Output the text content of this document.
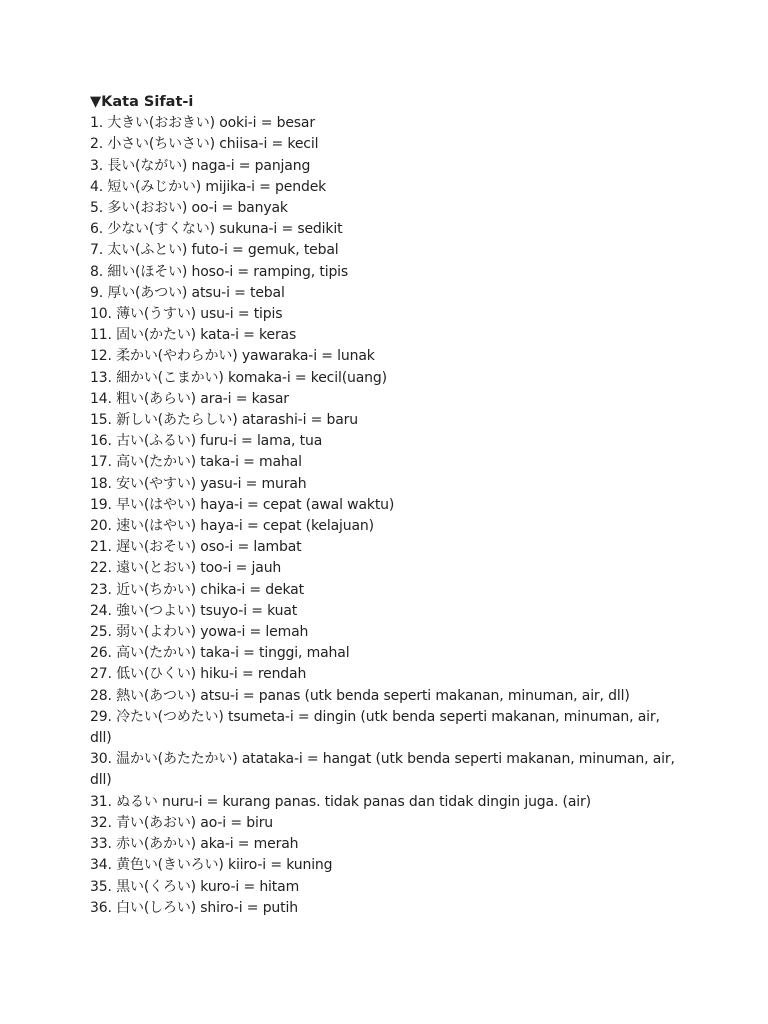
▼Kata Sifat-i
1. 大きい(おおきい) ooki-i = besar
2. 小さい(ちいさい) chiisa-i = kecil
3. 長い(ながい) naga-i = panjang
4. 短い(みじかい) mijika-i = pendek
5. 多い(おおい) oo-i = banyak
6. 少ない(すくない) sukuna-i = sedikit
7. 太い(ふとい) futo-i = gemuk, tebal
8. 細い(ほそい) hoso-i = ramping, tipis
9. 厚い(あつい) atsu-i = tebal
10. 薄い(うすい) usu-i = tipis
11. 固い(かたい) kata-i = keras
12. 柔かい(やわらかい) yawaraka-i = lunak
13. 細かい(こまかい) komaka-i = kecil(uang)
14. 粗い(あらい) ara-i = kasar
15. 新しい(あたらしい) atarashi-i = baru
16. 古い(ふるい) furu-i = lama, tua
17. 高い(たかい) taka-i = mahal
18. 安い(やすい) yasu-i = murah
19. 早い(はやい) haya-i = cepat (awal waktu)
20. 速い(はやい) haya-i = cepat (kelajuan)
21. 遅い(おそい) oso-i = lambat
22. 遠い(とおい) too-i = jauh
23. 近い(ちかい) chika-i = dekat
24. 強い(つよい) tsuyo-i = kuat
25. 弱い(よわい) yowa-i = lemah
26. 高い(たかい) taka-i = tinggi, mahal
27. 低い(ひくい) hiku-i = rendah
28. 熱い(あつい) atsu-i = panas (utk benda seperti makanan, minuman, air, dll)
29. 冷たい(つめたい) tsumeta-i = dingin (utk benda seperti makanan, minuman, air, dll)
30. 温かい(あたたかい) atataka-i = hangat (utk benda seperti makanan, minuman, air, dll)
31. ぬるい nuru-i = kurang panas. tidak panas dan tidak dingin juga. (air)
32. 青い(あおい) ao-i = biru
33. 赤い(あかい) aka-i = merah
34. 黄色い(きいろい) kiiro-i = kuning
35. 黒い(くろい) kuro-i = hitam
36. 白い(しろい) shiro-i = putih
